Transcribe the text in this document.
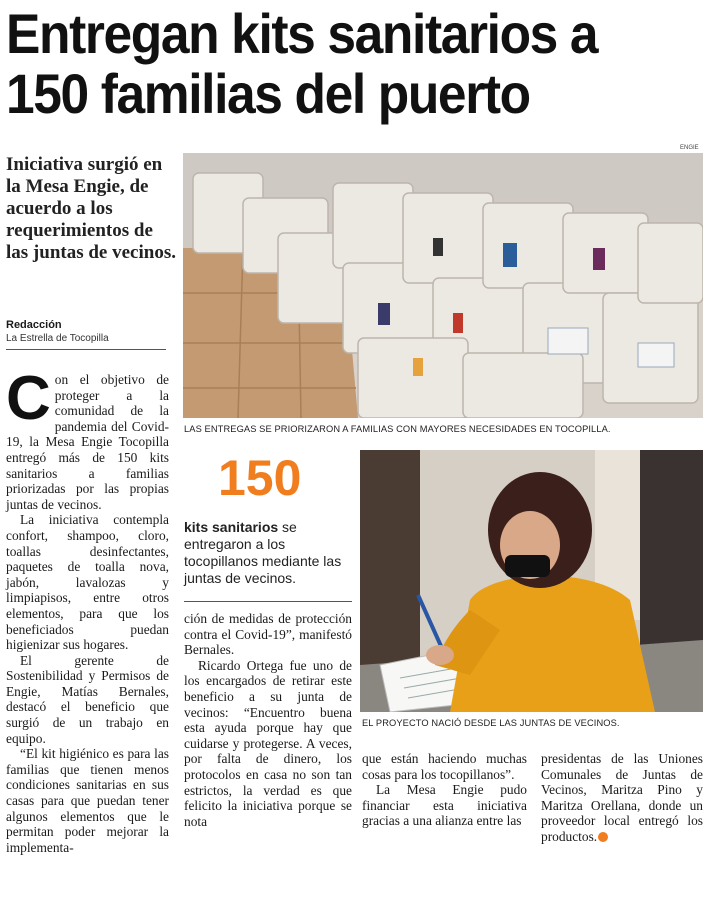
Entregan kits sanitarios a
150 familias del puerto
Iniciativa surgió en la Mesa Engie, de acuerdo a los requerimientos de las juntas de vecinos.
Redacción
La Estrella de Tocopilla
ENGIE
LAS ENTREGAS SE PRIORIZARON A FAMILIAS CON MAYORES NECESIDADES EN TOCOPILLA.
EL PROYECTO NACIÓ DESDE LAS JUNTAS DE VECINOS.
150
kits sanitarios se entregaron a los tocopillanos mediante las juntas de vecinos.

Con el objetivo de proteger a la comunidad de la pandemia del Covid-19, la Mesa Engie Tocopilla entregó más de 150 kits sanitarios a familias priorizadas por las propias juntas de vecinos.

La iniciativa contempla confort, shampoo, cloro, toallas desinfectantes, paquetes de toalla nova, jabón, lavalozas y limpiapisos, entre otros elementos, para que los beneficiados puedan higienizar sus hogares.

El gerente de Sostenibilidad y Permisos de Engie, Matías Bernales, destacó el beneficio que surgió de un trabajo en equipo.

“El kit higiénico es para las familias que tienen menos condiciones sanitarias en sus casas para que puedan tener algunos elementos que le permitan poder mejorar la implementa-

ción de medidas de protección contra el Covid-19”, manifestó Bernales.

Ricardo Ortega fue uno de los encargados de retirar este beneficio a su junta de vecinos: “Encuentro buena esta ayuda porque hay que cuidarse y protegerse. A veces, por falta de dinero, los protocolos en casa no son tan estrictos, la verdad es que felicito la iniciativa porque se nota

que están haciendo muchas cosas para los tocopillanos”.

La Mesa Engie pudo financiar esta iniciativa gracias a una alianza entre las

presidentas de las Uniones Comunales de Juntas de Vecinos, Maritza Pino y Maritza Orellana, donde un proveedor local entregó los productos.
